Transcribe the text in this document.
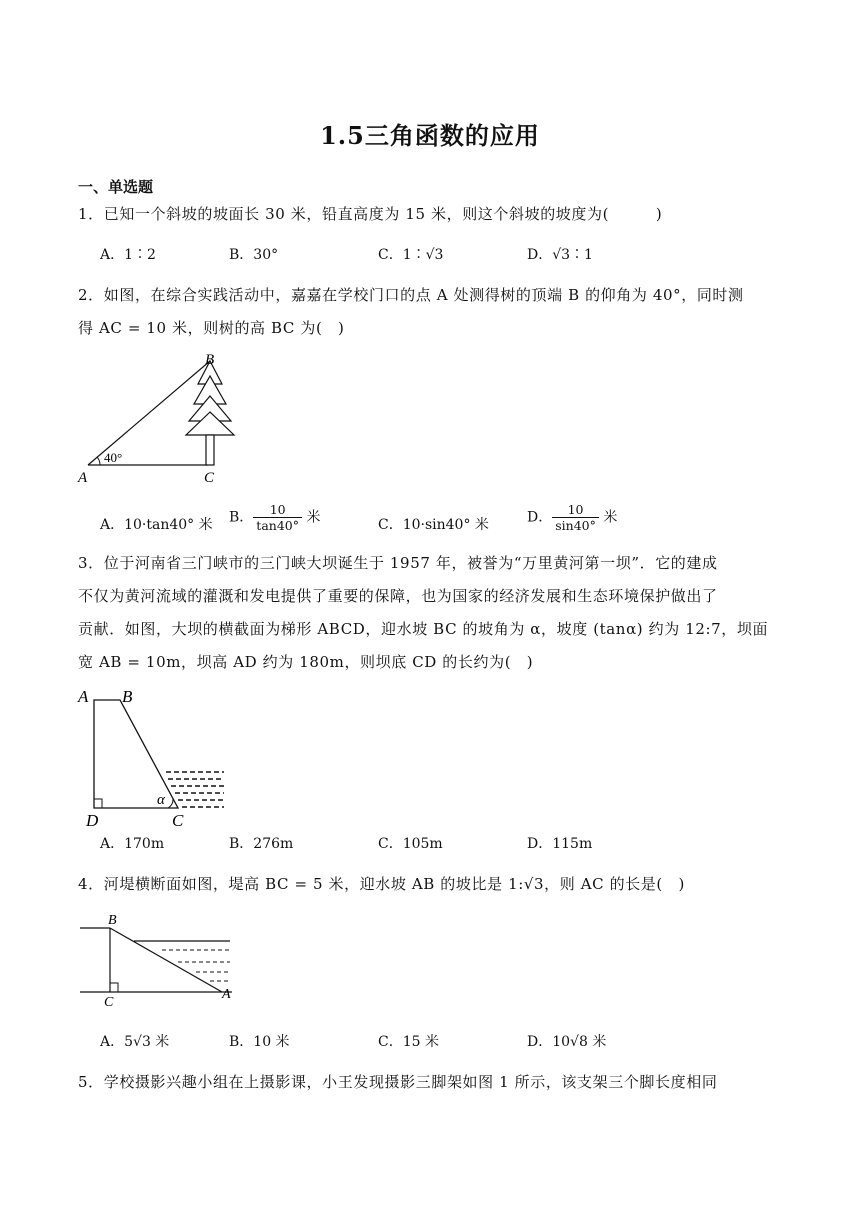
1.5三角函数的应用
一、单选题
1．已知一个斜坡的坡面长 30 米，铅直高度为 15 米，则这个斜坡的坡度为(　　　)
A．1∶2	B．30°	C．1∶√3	D．√3∶1
2．如图，在综合实践活动中，嘉嘉在学校门口的点 A 处测得树的顶端 B 的仰角为 40°，同时测
得 AC = 10 米，则树的高 BC 为(　)
B
A	C
40°
A．10·tan40° 米 B． $\frac{10}{\tan 40^\circ}$ 米	C．10·sin40° 米	D． $\frac{10}{\sin 40^\circ}$ 米
3．位于河南省三门峡市的三门峡大坝诞生于 1957 年，被誉为“万里黄河第一坝”．它的建成
不仅为黄河流域的灌溉和发电提供了重要的保障，也为国家的经济发展和生态环境保护做出了
贡献．如图，大坝的横截面为梯形 ABCD，迎水坡 BC 的坡角为 α，坡度 (tanα) 约为 12:7，坝面
宽 AB = 10m，坝高 AD 约为 180m，则坝底 CD 的长约为(　)
A B
D	C
α
A．170m	B．276m	C．105m	D．115m
4．河堤横断面如图，堤高 BC = 5 米，迎水坡 AB 的坡比是 1:√3，则 AC 的长是(　)
B
C
A
A．5√3 米	B．10 米	C．15 米	D．10√8 米
5．学校摄影兴趣小组在上摄影课，小王发现摄影三脚架如图 1 所示，该支架三个脚长度相同
